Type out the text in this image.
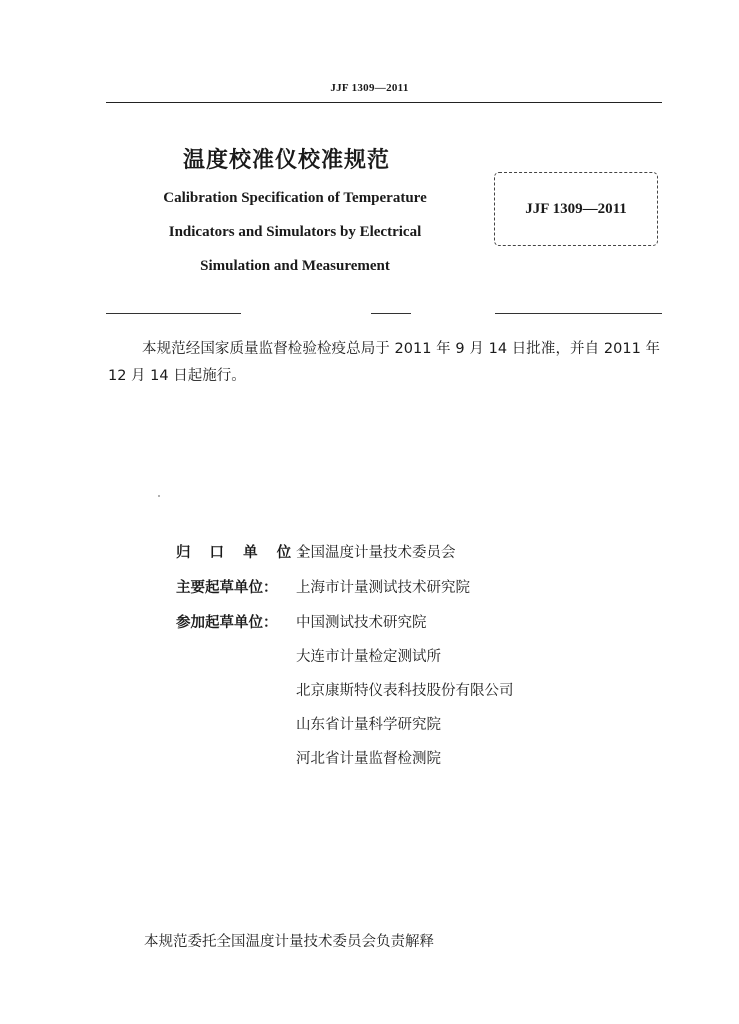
JJF 1309—2011
温度校准仪校准规范
Calibration Specification of Temperature
Indicators and Simulators by Electrical
Simulation and Measurement
JJF 1309—2011
本规范经国家质量监督检验检疫总局于 2011 年 9 月 14 日批准，并自 2011 年 12 月 14 日起施行。
归 口 单 位：全国温度计量技术委员会
主要起草单位： 上海市计量测试技术研究院
参加起草单位： 中国测试技术研究院
大连市计量检定测试所
北京康斯特仪表科技股份有限公司
山东省计量科学研究院
河北省计量监督检测院
本规范委托全国温度计量技术委员会负责解释
